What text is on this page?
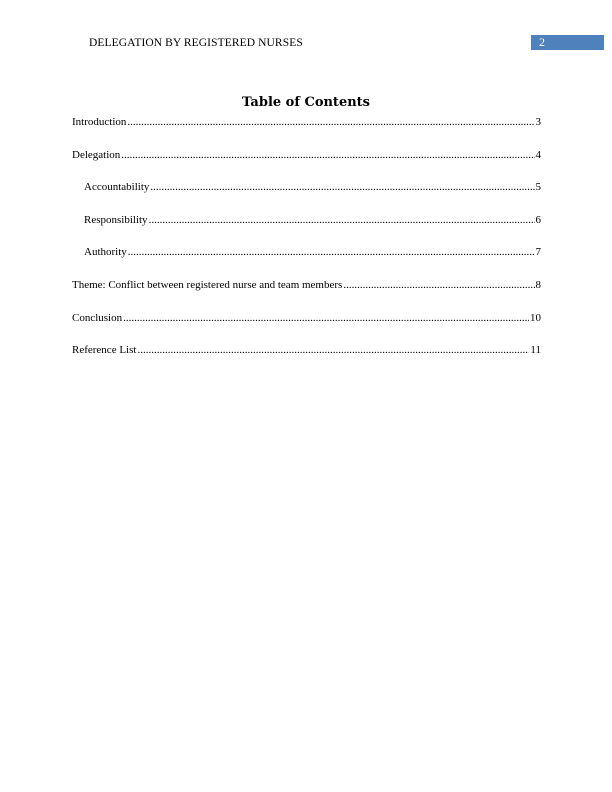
DELEGATION BY REGISTERED NURSES	2
Table of Contents
Introduction .....	3
Delegation .....	4
Accountability .....	5
Responsibility .....	6
Authority .....	7
Theme: Conflict between registered nurse and team members .....	8
Conclusion .....	10
Reference List .....	11
